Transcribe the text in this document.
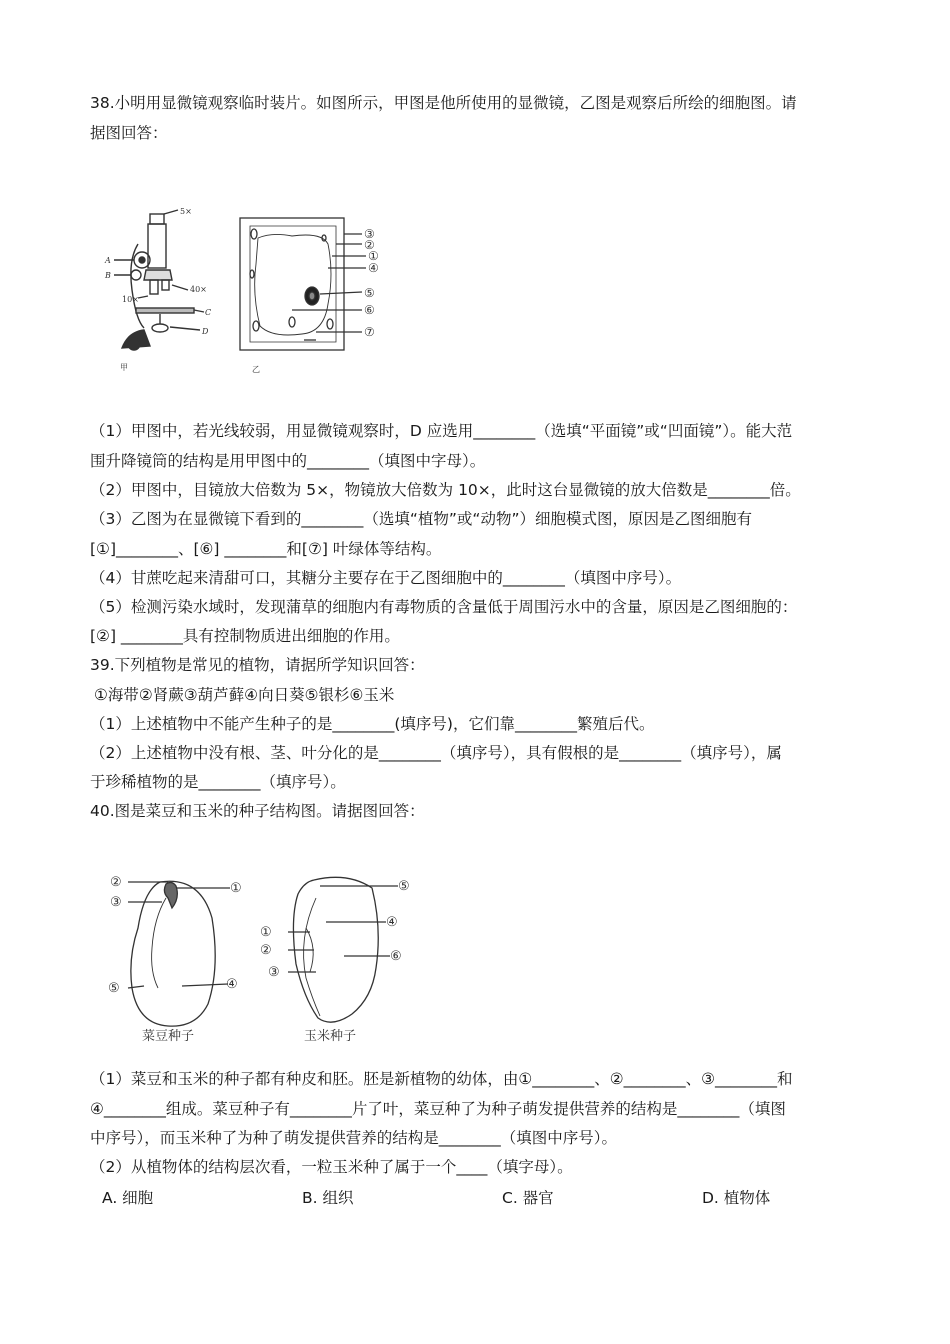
38.小明用显微镜观察临时装片。如图所示，甲图是他所使用的显微镜，乙图是观察后所绘的细胞图。请
据图回答：
5×
40×
10×
A
B
C
D
甲
③
②
①
④
⑤
⑥
⑦
乙
（1）甲图中，若光线较弱，用显微镜观察时，D 应选用________（选填“平面镜”或“凹面镜”）。能大范
围升降镜筒的结构是用甲图中的________（填图中字母）。
（2）甲图中，目镜放大倍数为 5×，物镜放大倍数为 10×，此时这台显微镜的放大倍数是________倍。
（3）乙图为在显微镜下看到的________（选填“植物”或“动物”）细胞模式图，原因是乙图细胞有
[①]________、[⑥] ________和[⑦] 叶绿体等结构。
（4）甘蔗吃起来清甜可口，其糖分主要存在于乙图细胞中的________（填图中序号）。
（5）检测污染水域时，发现蒲草的细胞内有毒物质的含量低于周围污水中的含量，原因是乙图细胞的：
[②] ________具有控制物质进出细胞的作用。
39.下列植物是常见的植物，请据所学知识回答：
①海带②肾蕨③葫芦藓④向日葵⑤银杉⑥玉米
（1）上述植物中不能产生种子的是________(填序号)，它们靠________繁殖后代。
（2）上述植物中没有根、茎、叶分化的是________（填序号），具有假根的是________（填序号），属
于珍稀植物的是________（填序号）。
40.图是菜豆和玉米的种子结构图。请据图回答：
②
③
①
⑤	④
菜豆种子
⑤
④
①
②
③
⑥
玉米种子
（1）菜豆和玉米的种子都有种皮和胚。胚是新植物的幼体，由①________、②________、③________和
④________组成。菜豆种子有________片了叶，菜豆种了为种子萌发提供营养的结构是________（填图
中序号），而玉米种了为种了萌发提供营养的结构是________（填图中序号）。
（2）从植物体的结构层次看，一粒玉米种了属于一个____（填字母）。
A. 细胞	B. 组织	C. 器官	D. 植物体
